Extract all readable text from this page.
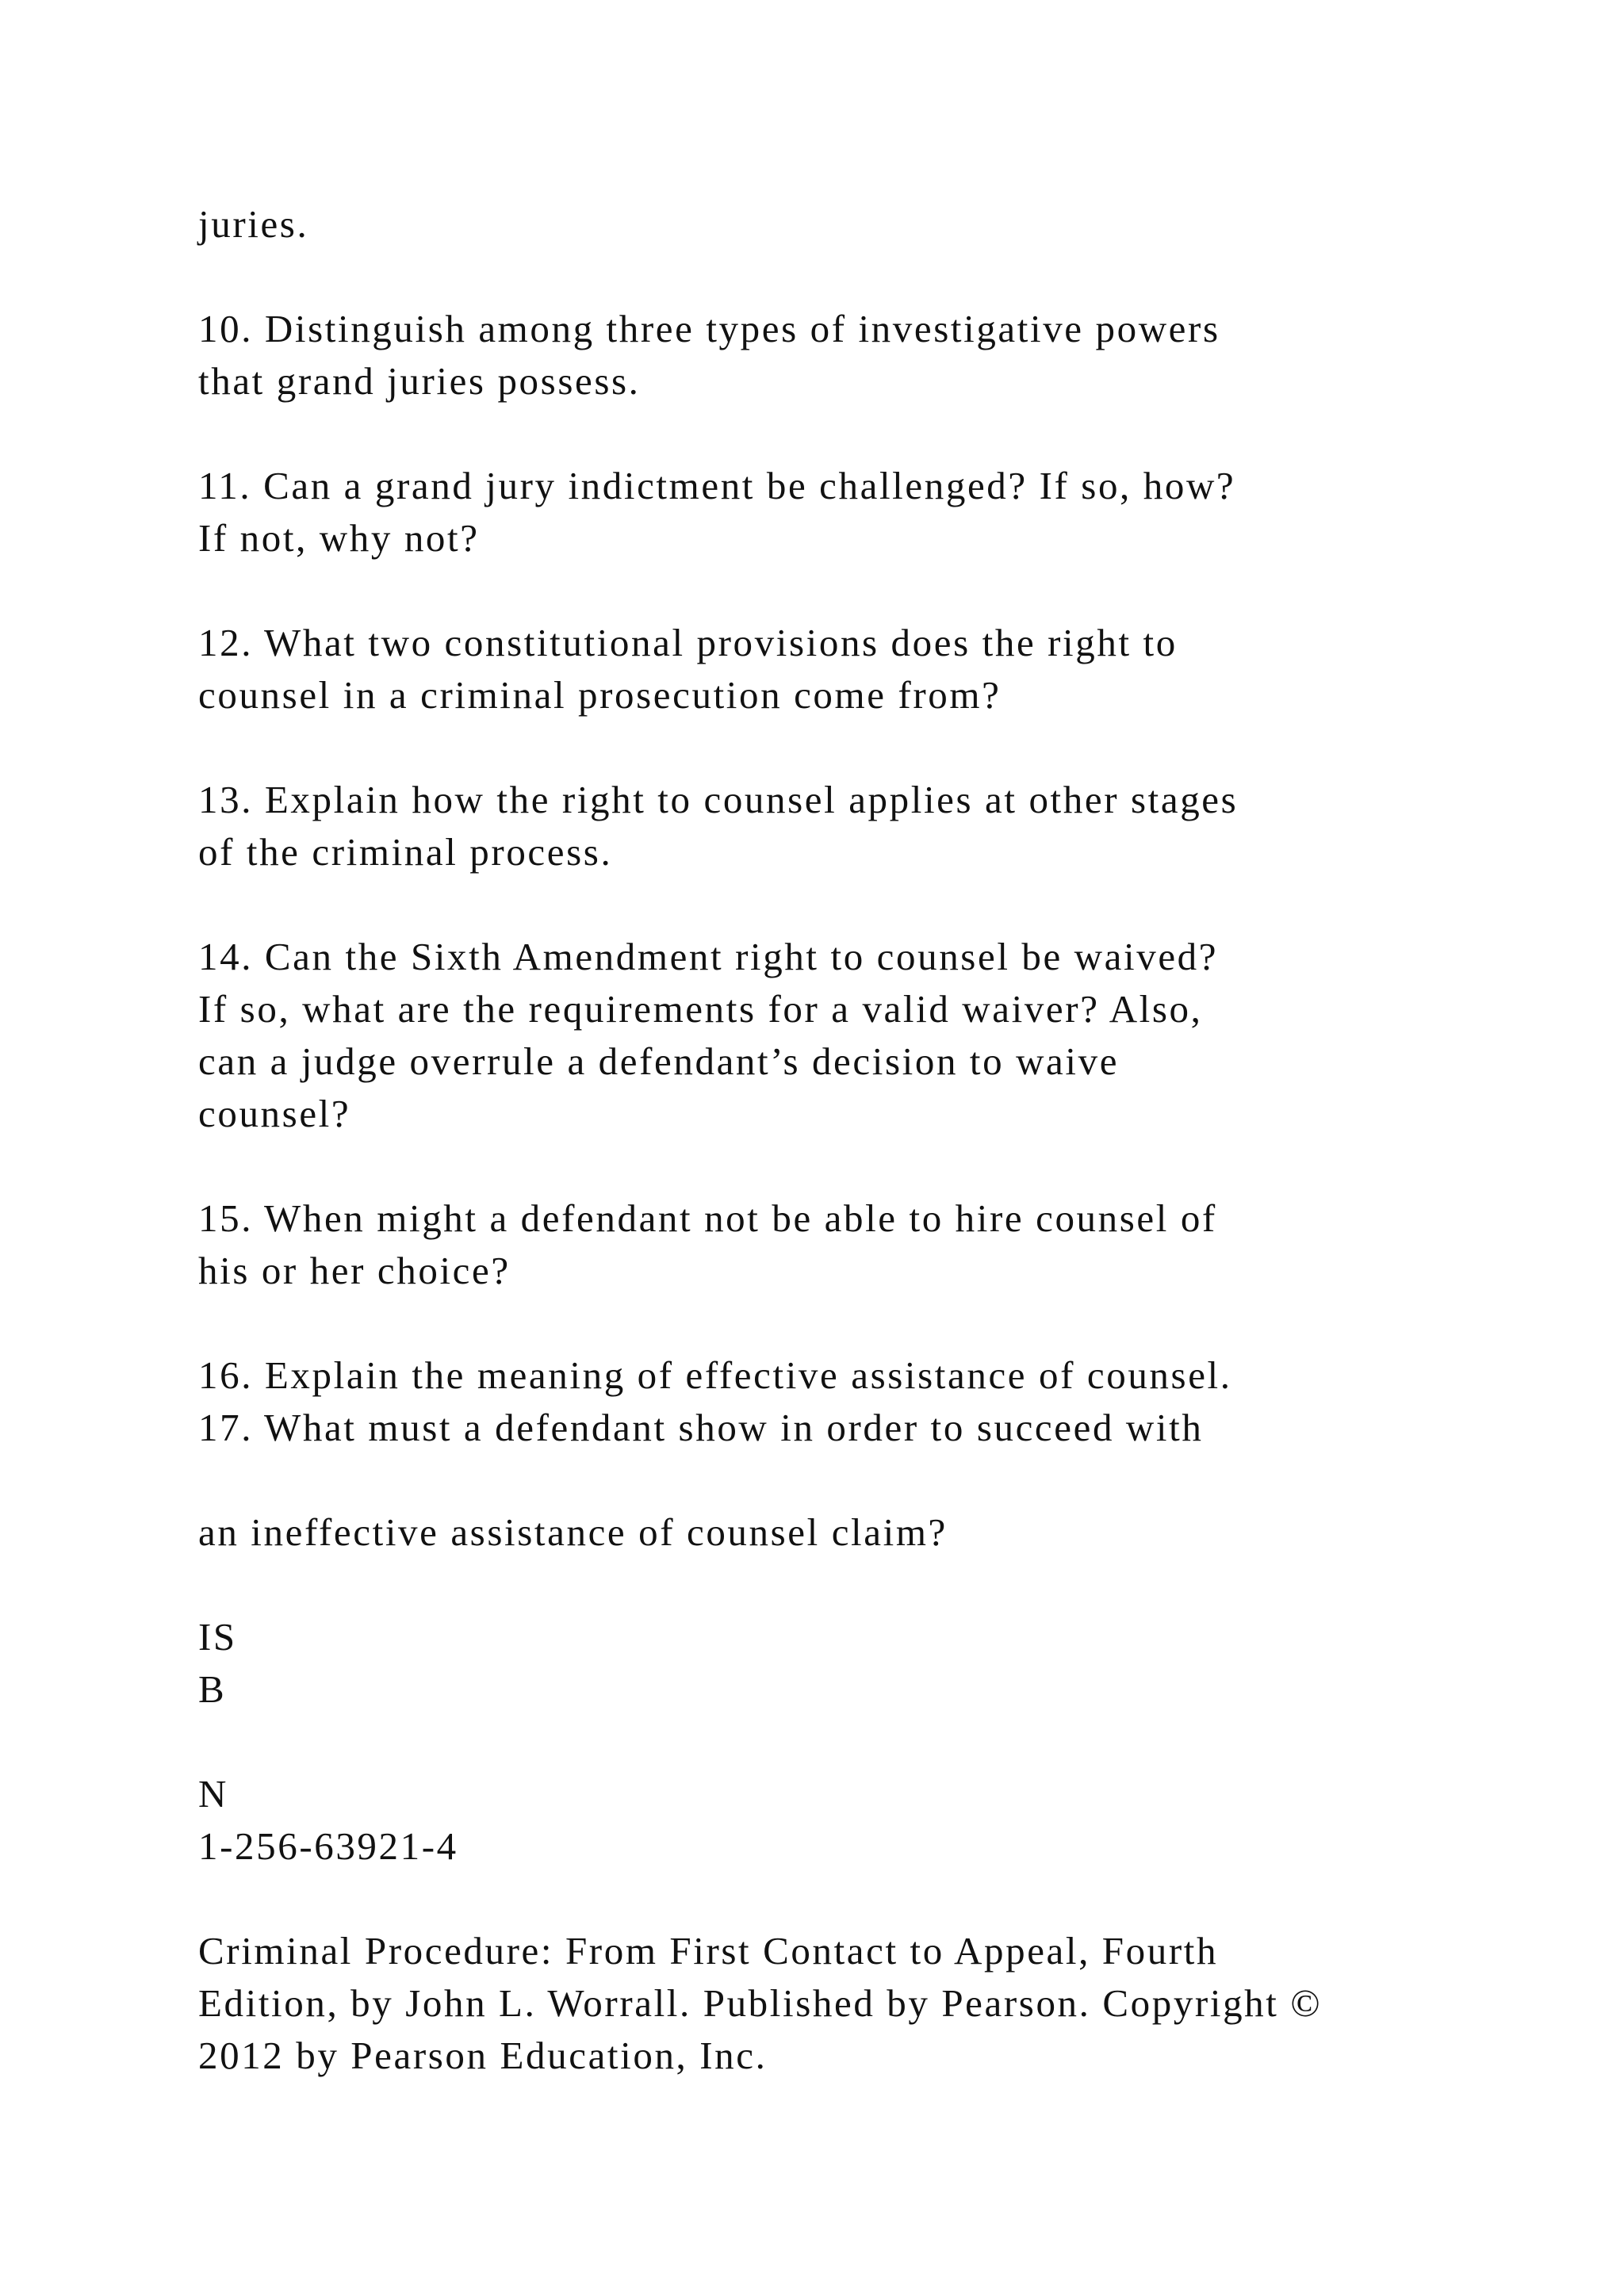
juries.

10. Distinguish among three types of investigative powers

that grand juries possess.

11. Can a grand jury indictment be challenged? If so, how?

If not, why not?

12. What two constitutional provisions does the right to

counsel in a criminal prosecution come from?

13. Explain how the right to counsel applies at other stages

of the criminal process.

14. Can the Sixth Amendment right to counsel be waived?

If so, what are the requirements for a valid waiver? Also,

can a judge overrule a defendant’s decision to waive

counsel?

15. When might a defendant not be able to hire counsel of

his or her choice?

16. Explain the meaning of effective assistance of counsel.

17. What must a defendant show in order to succeed with

an ineffective assistance of counsel claim?

IS

B

N

1-256-63921-4

Criminal Procedure: From First Contact to Appeal, Fourth

Edition, by John L. Worrall. Published by Pearson. Copyright ©

2012 by Pearson Education, Inc.
